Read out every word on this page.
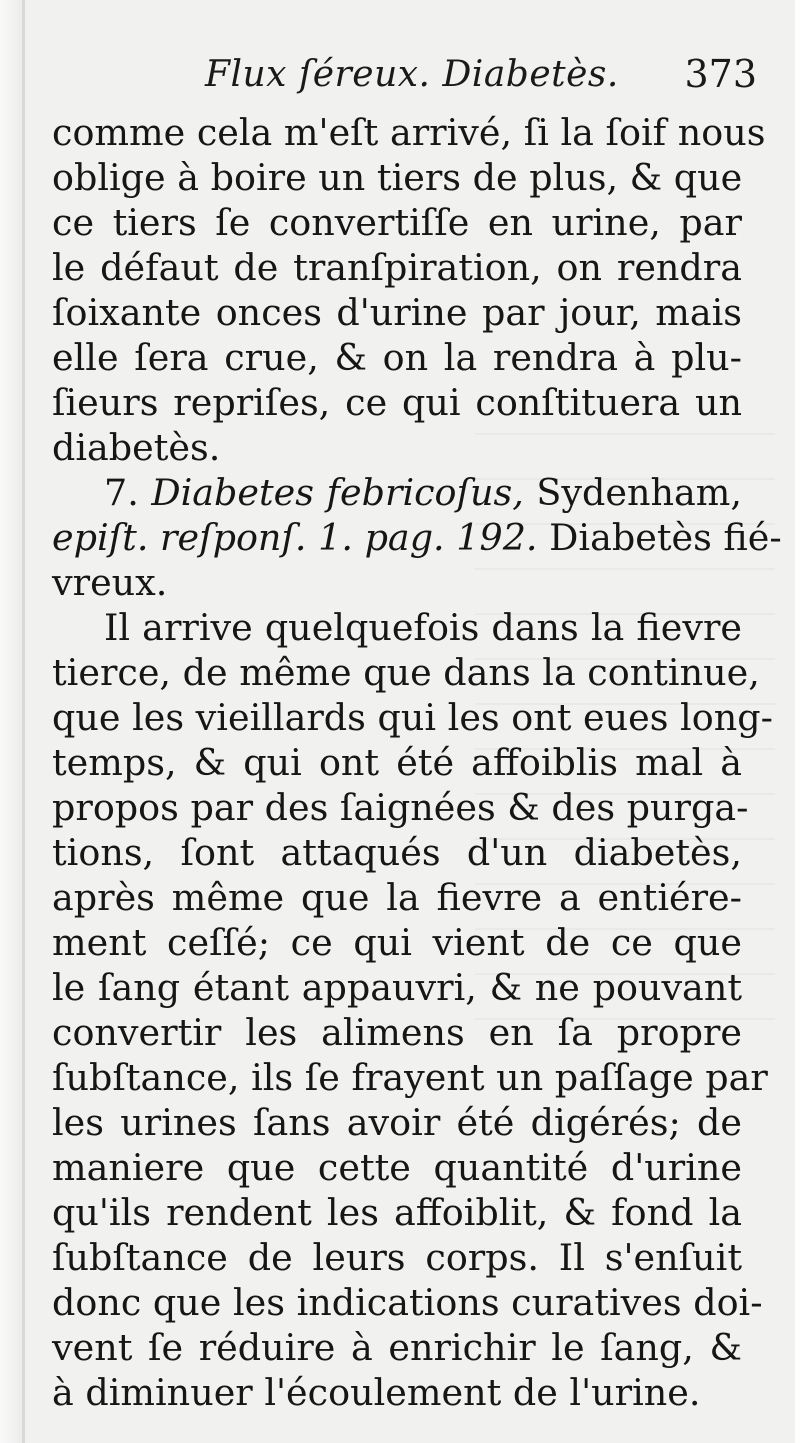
Flux ſéreux. Diabetès. 373
comme cela m'eſt arrivé, ſi la ſoif nous
oblige à boire un tiers de plus, & que
ce tiers ſe convertiſſe en urine, par
le défaut de tranſpiration, on rendra
ſoixante onces d'urine par jour, mais
elle ſera crue, & on la rendra à plu-
ſieurs repriſes, ce qui conſtituera un
diabetès.
7. Diabetes febricoſus, Sydenham,
epiſt. reſponſ. 1. pag. 192. Diabetès fié-
vreux.
Il arrive quelquefois dans la fievre
tierce, de même que dans la continue,
que les vieillards qui les ont eues long-
temps, & qui ont été affoiblis mal à
propos par des ſaignées & des purga-
tions, ſont attaqués d'un diabetès,
après même que la fievre a entiére-
ment ceſſé; ce qui vient de ce que
le ſang étant appauvri, & ne pouvant
convertir les alimens en ſa propre
ſubſtance, ils ſe frayent un paſſage par
les urines ſans avoir été digérés; de
maniere que cette quantité d'urine
qu'ils rendent les affoiblit, & fond la
ſubſtance de leurs corps. Il s'enſuit
donc que les indications curatives doi-
vent ſe réduire à enrichir le ſang, &
à diminuer l'écoulement de l'urine.
